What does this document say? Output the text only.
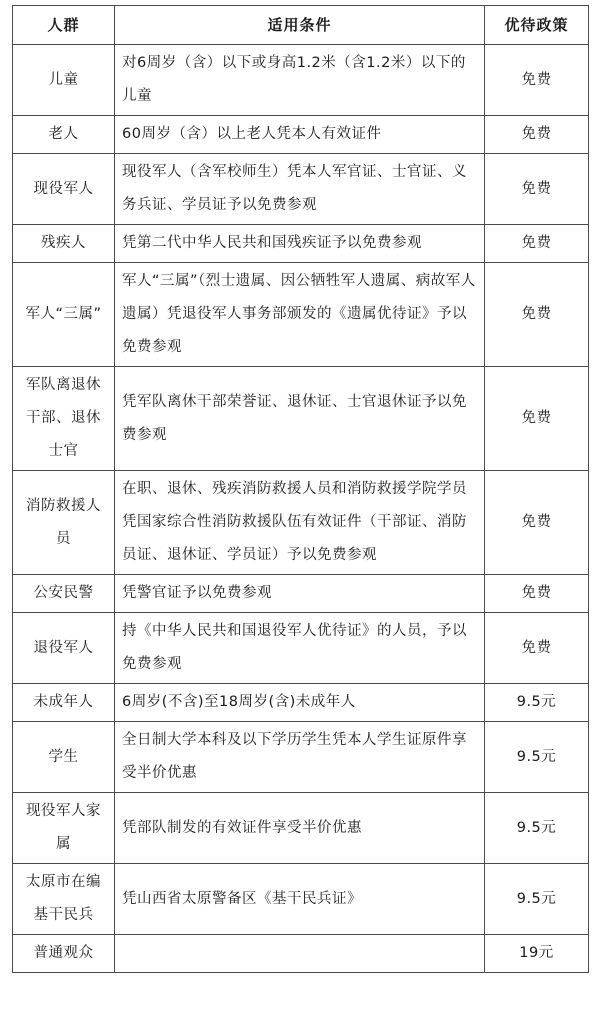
人群	适用条件	优待政策
儿童	对6周岁（含）以下或身高1.2米（含1.2米）以下的儿童	免费
老人	60周岁（含）以上老人凭本人有效证件	免费
现役军人	现役军人（含军校师生）凭本人军官证、士官证、义务兵证、学员证予以免费参观	免费
残疾人	凭第二代中华人民共和国残疾证予以免费参观	免费
军人“三属”	军人“三属”（烈士遗属、因公牺牲军人遗属、病故军人遗属）凭退役军人事务部颁发的《遗属优待证》予以免费参观	免费
军队离退休干部、退休士官	凭军队离休干部荣誉证、退休证、士官退休证予以免费参观	免费
消防救援人员	在职、退休、残疾消防救援人员和消防救援学院学员凭国家综合性消防救援队伍有效证件（干部证、消防员证、退休证、学员证）予以免费参观	免费
公安民警	凭警官证予以免费参观	免费
退役军人	持《中华人民共和国退役军人优待证》的人员，予以免费参观	免费
未成年人	6周岁(不含)至18周岁(含)未成年人	9.5元
学生	全日制大学本科及以下学历学生凭本人学生证原件享受半价优惠	9.5元
现役军人家属	凭部队制发的有效证件享受半价优惠	9.5元
太原市在编基干民兵	凭山西省太原警备区《基干民兵证》	9.5元
普通观众		19元
